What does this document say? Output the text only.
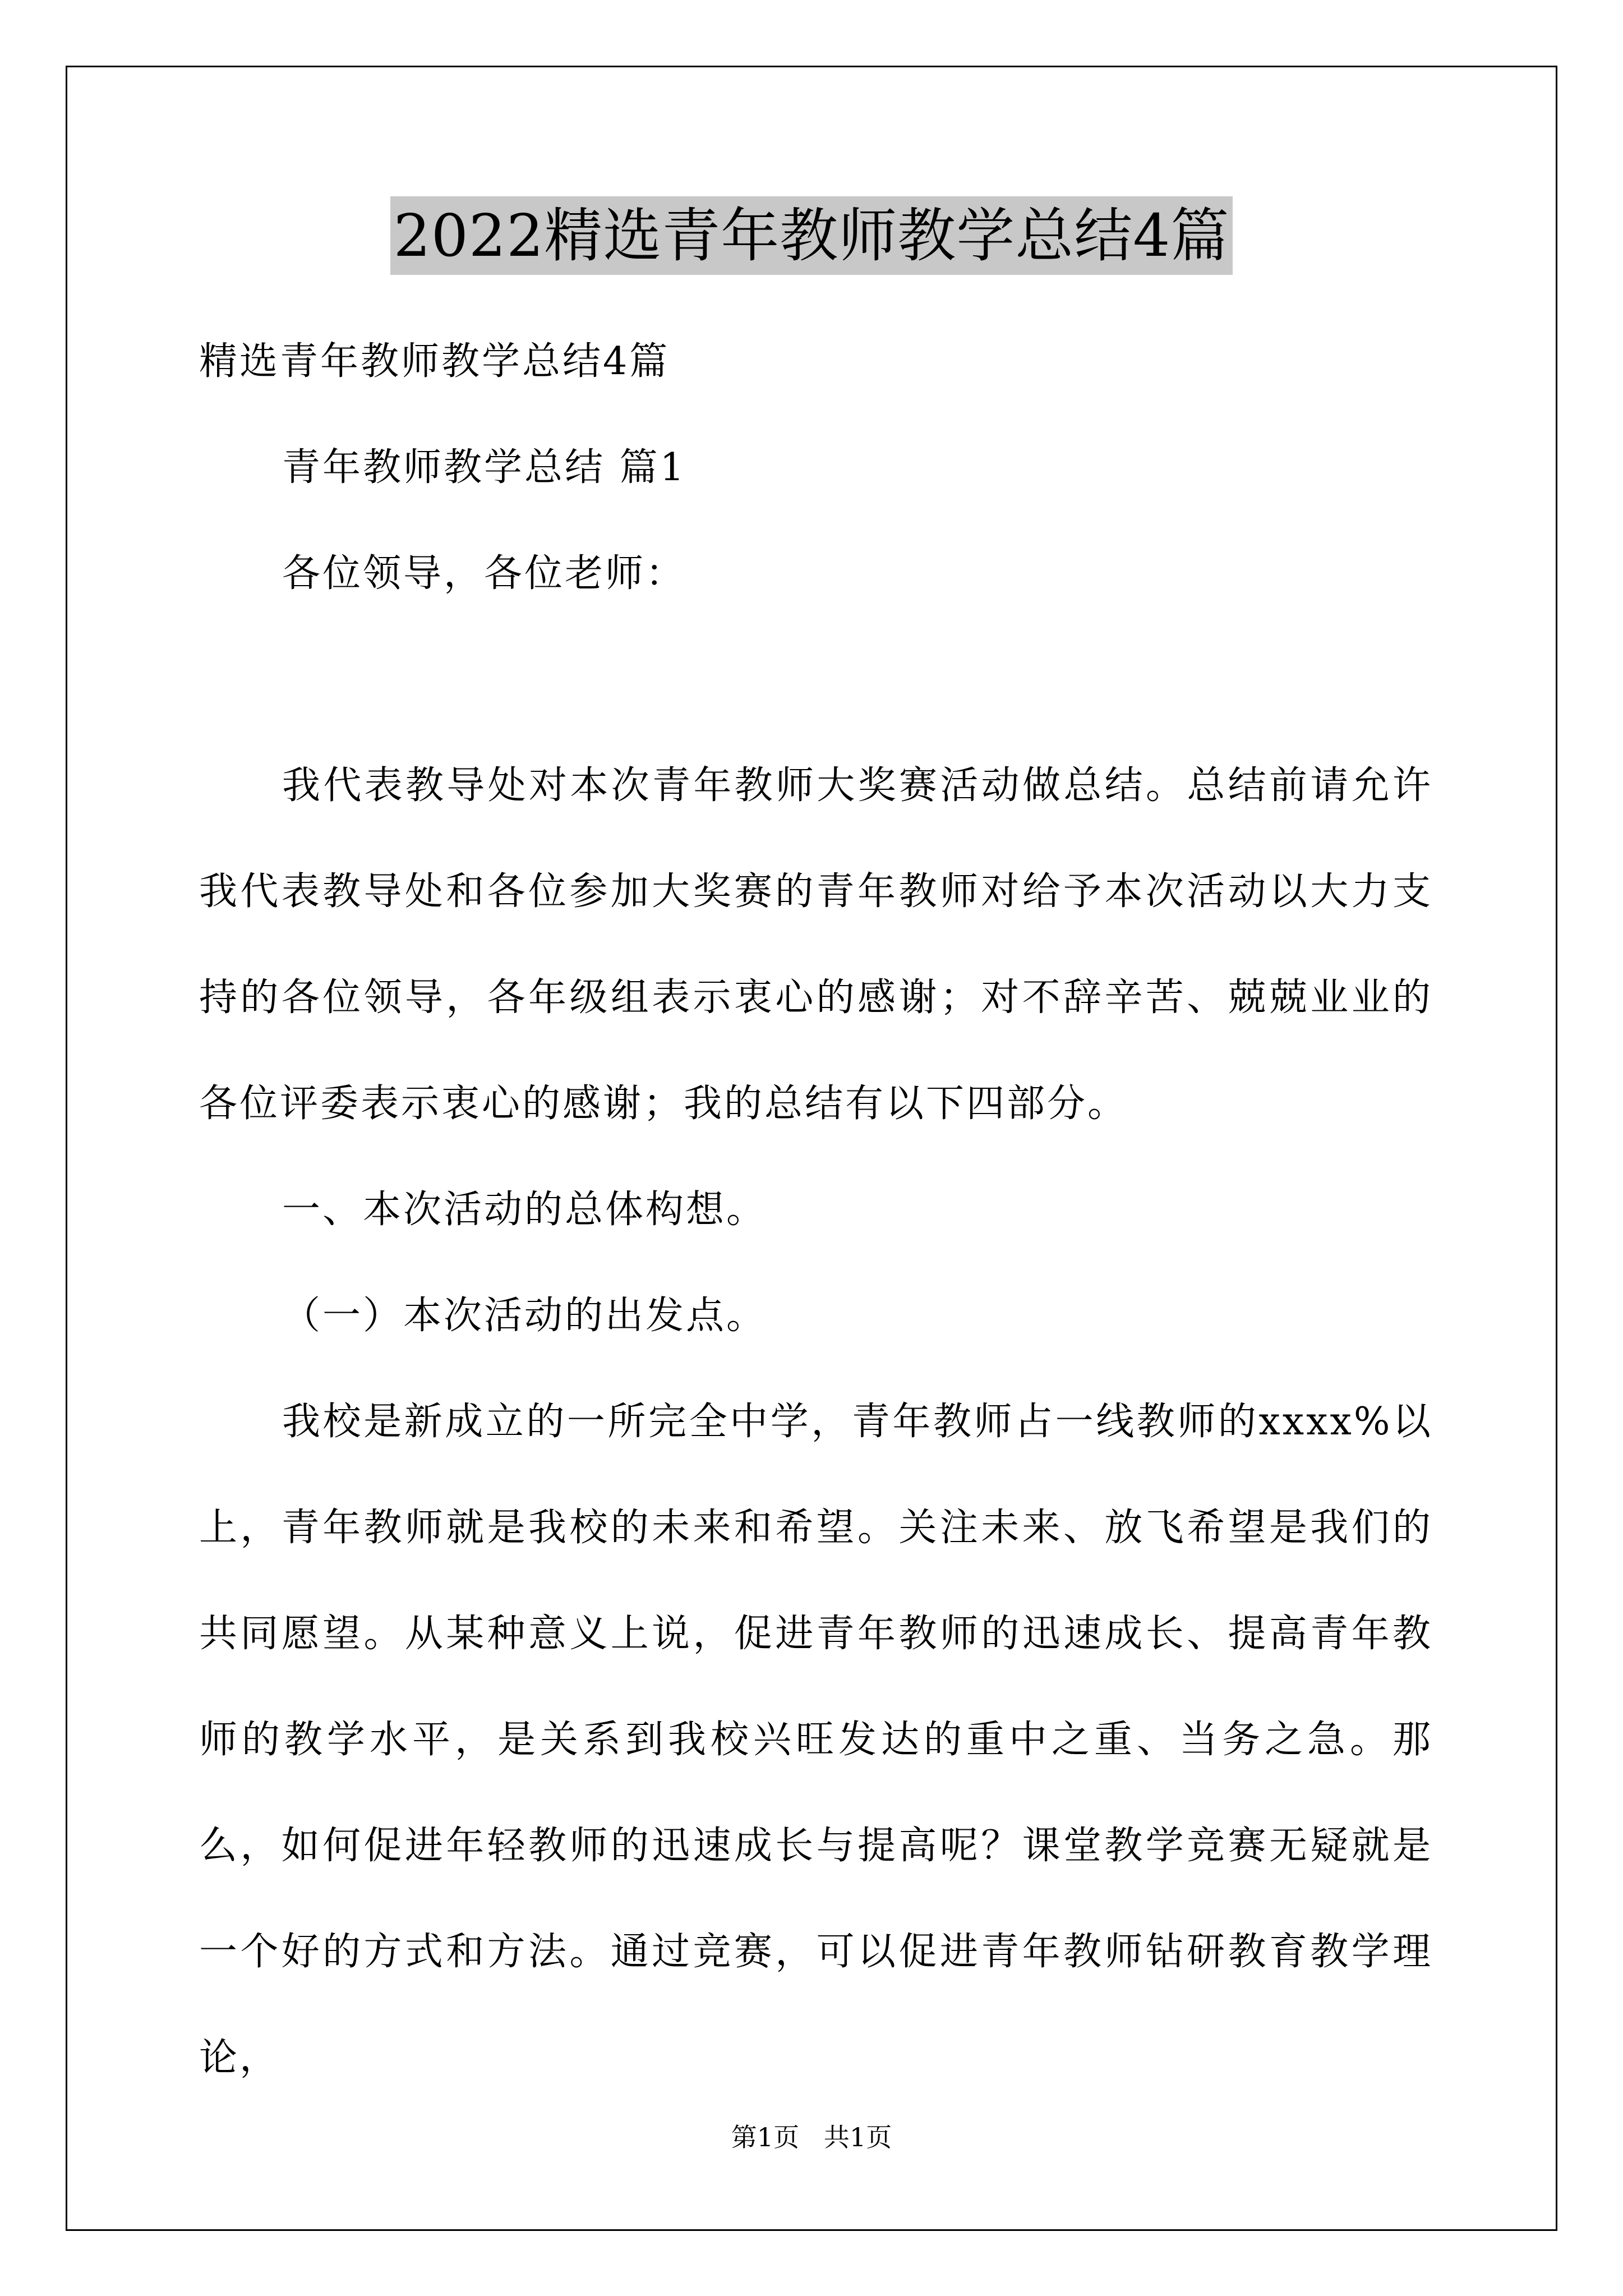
2022精选青年教师教学总结4篇

精选青年教师教学总结4篇

青年教师教学总结 篇1

各位领导，各位老师：

我代表教导处对本次青年教师大奖赛活动做总结。总结前请允许我代表教导处和各位参加大奖赛的青年教师对给予本次活动以大力支持的各位领导，各年级组表示衷心的感谢；对不辞辛苦、兢兢业业的各位评委表示衷心的感谢；我的总结有以下四部分。

一、本次活动的总体构想。

（一）本次活动的出发点。

我校是新成立的一所完全中学，青年教师占一线教师的xxxx%以上，青年教师就是我校的未来和希望。关注未来、放飞希望是我们的共同愿望。从某种意义上说，促进青年教师的迅速成长、提高青年教师的教学水平，是关系到我校兴旺发达的重中之重、当务之急。那么，如何促进年轻教师的迅速成长与提高呢？课堂教学竞赛无疑就是一个好的方式和方法。通过竞赛，可以促进青年教师钻研教育教学理论，

第1页   共1页
